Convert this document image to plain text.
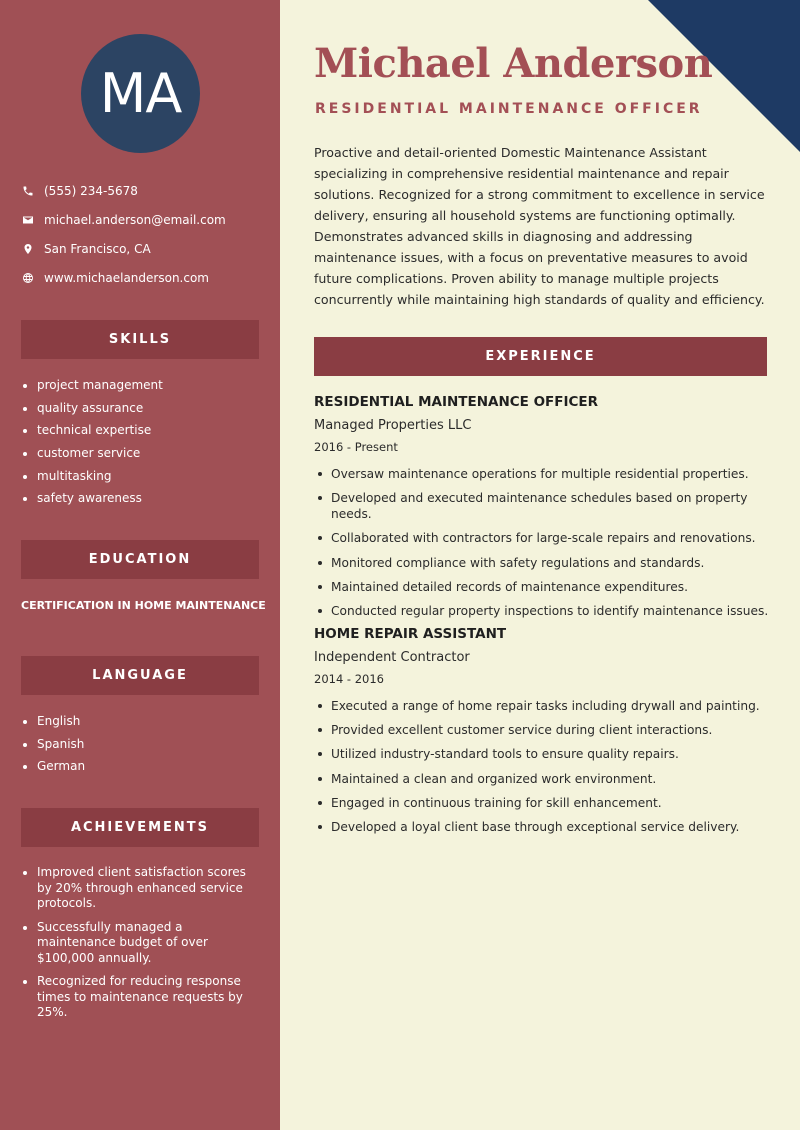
MA
(555) 234-5678
michael.anderson@email.com
San Francisco, CA
www.michaelanderson.com
SKILLS
project management
quality assurance
technical expertise
customer service
multitasking
safety awareness
EDUCATION
CERTIFICATION IN HOME MAINTENANCE
LANGUAGE
English
Spanish
German
ACHIEVEMENTS
Improved client satisfaction scores by 20% through enhanced service protocols.
Successfully managed a maintenance budget of over $100,000 annually.
Recognized for reducing response times to maintenance requests by 25%.
Michael Anderson
RESIDENTIAL MAINTENANCE OFFICER

Proactive and detail-oriented Domestic Maintenance Assistant specializing in comprehensive residential maintenance and repair solutions. Recognized for a strong commitment to excellence in service delivery, ensuring all household systems are functioning optimally. Demonstrates advanced skills in diagnosing and addressing maintenance issues, with a focus on preventative measures to avoid future complications. Proven ability to manage multiple projects concurrently while maintaining high standards of quality and efficiency.

EXPERIENCE
RESIDENTIAL MAINTENANCE OFFICER
Managed Properties LLC
2016 - Present
Oversaw maintenance operations for multiple residential properties.
Developed and executed maintenance schedules based on property needs.
Collaborated with contractors for large-scale repairs and renovations.
Monitored compliance with safety regulations and standards.
Maintained detailed records of maintenance expenditures.
Conducted regular property inspections to identify maintenance issues.
HOME REPAIR ASSISTANT
Independent Contractor
2014 - 2016
Executed a range of home repair tasks including drywall and painting.
Provided excellent customer service during client interactions.
Utilized industry-standard tools to ensure quality repairs.
Maintained a clean and organized work environment.
Engaged in continuous training for skill enhancement.
Developed a loyal client base through exceptional service delivery.
